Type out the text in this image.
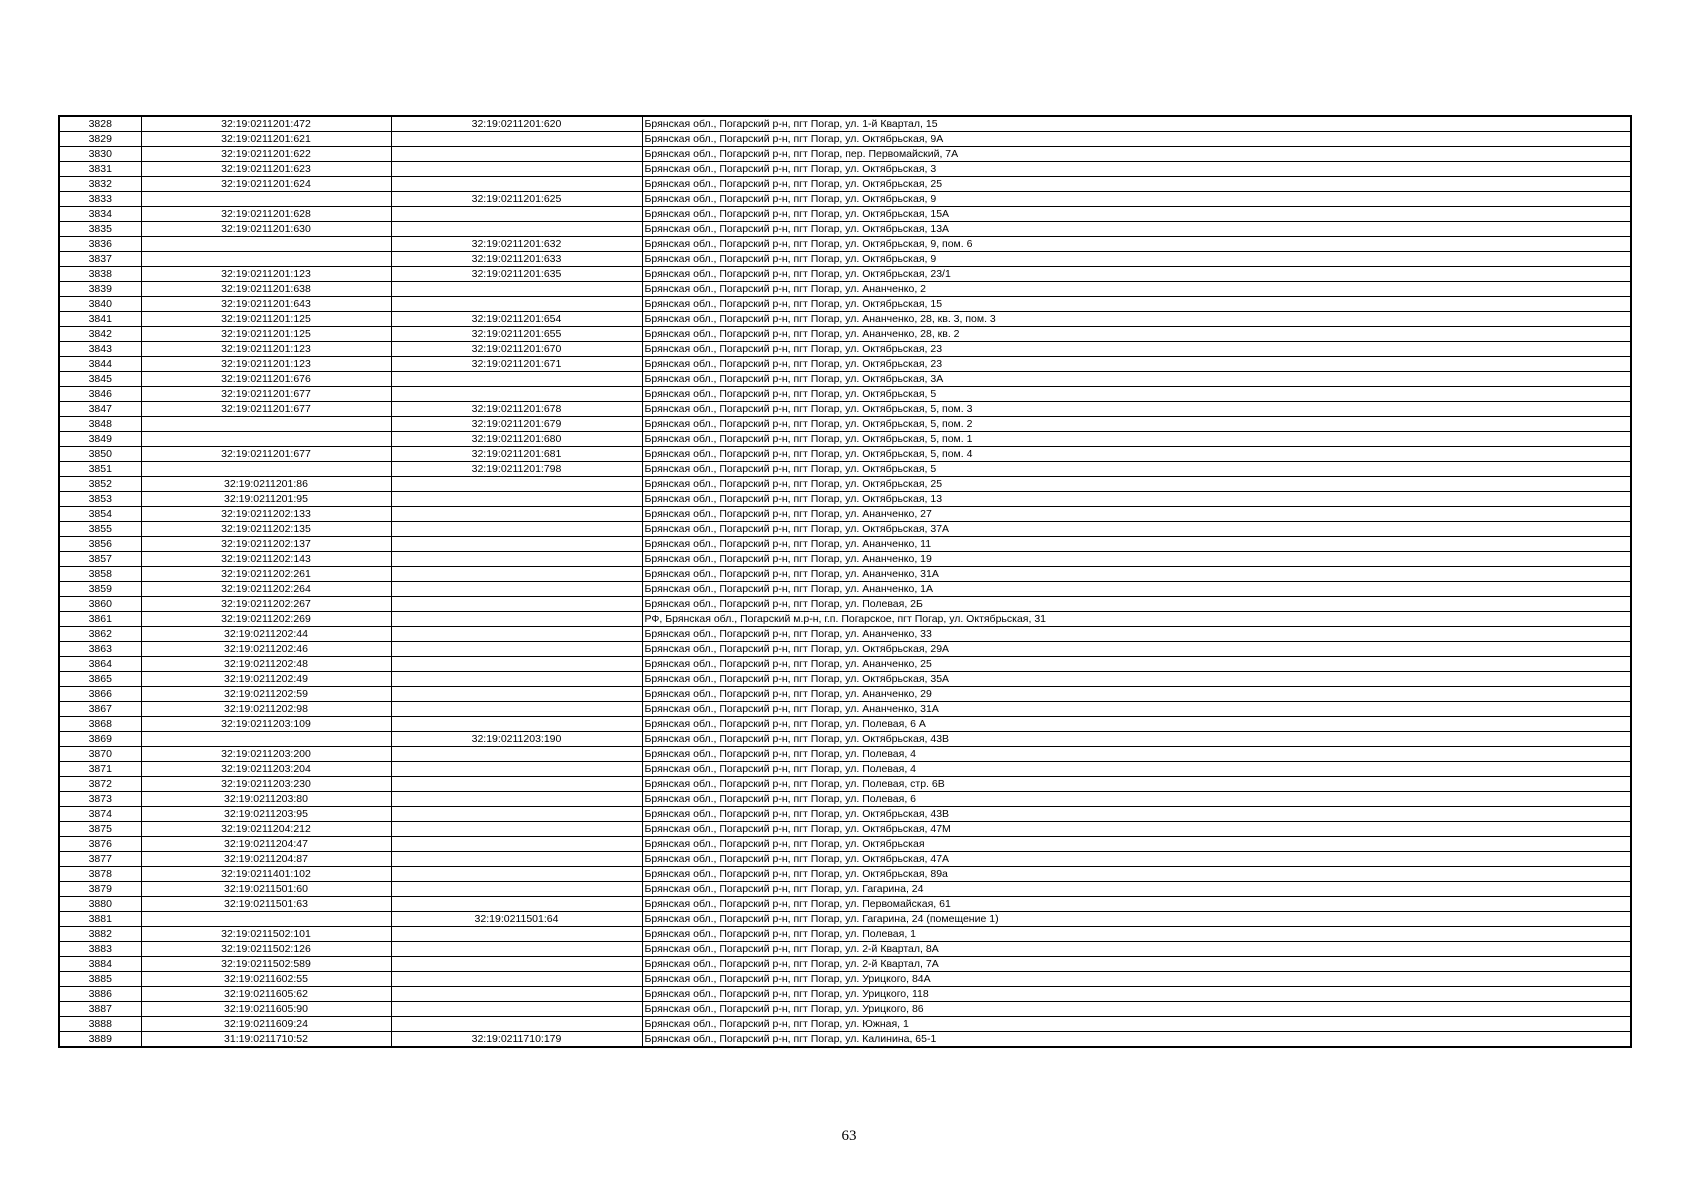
3828	32:19:0211201:472	32:19:0211201:620	Брянская обл., Погарский р-н, пгт Погар, ул. 1-й Квартал, 15
3829	32:19:0211201:621		Брянская обл., Погарский р-н, пгт Погар, ул. Октябрьская, 9А
3830	32:19:0211201:622		Брянская обл., Погарский р-н, пгт Погар, пер. Первомайский, 7А
3831	32:19:0211201:623		Брянская обл., Погарский р-н, пгт Погар, ул. Октябрьская, 3
3832	32:19:0211201:624		Брянская обл., Погарский р-н, пгт Погар, ул. Октябрьская, 25
3833		32:19:0211201:625	Брянская обл., Погарский р-н, пгт Погар, ул. Октябрьская, 9
3834	32:19:0211201:628		Брянская обл., Погарский р-н, пгт Погар, ул. Октябрьская, 15А
3835	32:19:0211201:630		Брянская обл., Погарский р-н, пгт Погар, ул. Октябрьская, 13А
3836		32:19:0211201:632	Брянская обл., Погарский р-н, пгт Погар, ул. Октябрьская, 9, пом. 6
3837		32:19:0211201:633	Брянская обл., Погарский р-н, пгт Погар, ул. Октябрьская, 9
3838	32:19:0211201:123	32:19:0211201:635	Брянская обл., Погарский р-н, пгт Погар, ул. Октябрьская, 23/1
3839	32:19:0211201:638		Брянская обл., Погарский р-н, пгт Погар, ул. Ананченко, 2
3840	32:19:0211201:643		Брянская обл., Погарский р-н, пгт Погар, ул. Октябрьская, 15
3841	32:19:0211201:125	32:19:0211201:654	Брянская обл., Погарский р-н, пгт Погар, ул. Ананченко, 28, кв. 3, пом. 3
3842	32:19:0211201:125	32:19:0211201:655	Брянская обл., Погарский р-н, пгт Погар, ул. Ананченко, 28, кв. 2
3843	32:19:0211201:123	32:19:0211201:670	Брянская обл., Погарский р-н, пгт Погар, ул. Октябрьская, 23
3844	32:19:0211201:123	32:19:0211201:671	Брянская обл., Погарский р-н, пгт Погар, ул. Октябрьская, 23
3845	32:19:0211201:676		Брянская обл., Погарский р-н, пгт Погар, ул. Октябрьская, 3А
3846	32:19:0211201:677		Брянская обл., Погарский р-н, пгт Погар, ул. Октябрьская, 5
3847	32:19:0211201:677	32:19:0211201:678	Брянская обл., Погарский р-н, пгт Погар, ул. Октябрьская, 5, пом. 3
3848		32:19:0211201:679	Брянская обл., Погарский р-н, пгт Погар, ул. Октябрьская, 5, пом. 2
3849		32:19:0211201:680	Брянская обл., Погарский р-н, пгт Погар, ул. Октябрьская, 5, пом. 1
3850	32:19:0211201:677	32:19:0211201:681	Брянская обл., Погарский р-н, пгт Погар, ул. Октябрьская, 5, пом. 4
3851		32:19:0211201:798	Брянская обл., Погарский р-н, пгт Погар, ул. Октябрьская, 5
3852	32:19:0211201:86		Брянская обл., Погарский р-н, пгт Погар, ул. Октябрьская, 25
3853	32:19:0211201:95		Брянская обл., Погарский р-н, пгт Погар, ул. Октябрьская, 13
3854	32:19:0211202:133		Брянская обл., Погарский р-н, пгт Погар, ул. Ананченко, 27
3855	32:19:0211202:135		Брянская обл., Погарский р-н, пгт Погар, ул. Октябрьская, 37А
3856	32:19:0211202:137		Брянская обл., Погарский р-н, пгт Погар, ул. Ананченко, 11
3857	32:19:0211202:143		Брянская обл., Погарский р-н, пгт Погар, ул. Ананченко, 19
3858	32:19:0211202:261		Брянская обл., Погарский р-н, пгт Погар, ул. Ананченко, 31А
3859	32:19:0211202:264		Брянская обл., Погарский р-н, пгт Погар, ул. Ананченко, 1А
3860	32:19:0211202:267		Брянская обл., Погарский р-н, пгт Погар, ул. Полевая, 2Б
3861	32:19:0211202:269		РФ, Брянская обл., Погарский м.р-н, г.п. Погарское, пгт Погар, ул. Октябрьская, 31
3862	32:19:0211202:44		Брянская обл., Погарский р-н, пгт Погар, ул. Ананченко, 33
3863	32:19:0211202:46		Брянская обл., Погарский р-н, пгт Погар, ул. Октябрьская, 29А
3864	32:19:0211202:48		Брянская обл., Погарский р-н, пгт Погар, ул. Ананченко, 25
3865	32:19:0211202:49		Брянская обл., Погарский р-н, пгт Погар, ул. Октябрьская, 35А
3866	32:19:0211202:59		Брянская обл., Погарский р-н, пгт Погар, ул. Ананченко, 29
3867	32:19:0211202:98		Брянская обл., Погарский р-н, пгт Погар, ул. Ананченко, 31А
3868	32:19:0211203:109		Брянская обл., Погарский р-н, пгт Погар, ул. Полевая, 6 А
3869		32:19:0211203:190	Брянская обл., Погарский р-н, пгт Погар, ул. Октябрьская, 43В
3870	32:19:0211203:200		Брянская обл., Погарский р-н, пгт Погар, ул. Полевая, 4
3871	32:19:0211203:204		Брянская обл., Погарский р-н, пгт Погар, ул. Полевая, 4
3872	32:19:0211203:230		Брянская обл., Погарский р-н, пгт Погар, ул. Полевая, стр. 6В
3873	32:19:0211203:80		Брянская обл., Погарский р-н, пгт Погар, ул. Полевая, 6
3874	32:19:0211203:95		Брянская обл., Погарский р-н, пгт Погар, ул. Октябрьская, 43В
3875	32:19:0211204:212		Брянская обл., Погарский р-н, пгт Погар, ул. Октябрьская, 47М
3876	32:19:0211204:47		Брянская обл., Погарский р-н, пгт Погар, ул. Октябрьская
3877	32:19:0211204:87		Брянская обл., Погарский р-н, пгт Погар, ул. Октябрьская, 47А
3878	32:19:0211401:102		Брянская обл., Погарский р-н, пгт Погар, ул. Октябрьская, 89а
3879	32:19:0211501:60		Брянская обл., Погарский р-н, пгт Погар, ул. Гагарина, 24
3880	32:19:0211501:63		Брянская обл., Погарский р-н, пгт Погар, ул. Первомайская, 61
3881		32:19:0211501:64	Брянская обл., Погарский р-н, пгт Погар, ул. Гагарина, 24 (помещение 1)
3882	32:19:0211502:101		Брянская обл., Погарский р-н, пгт Погар, ул. Полевая, 1
3883	32:19:0211502:126		Брянская обл., Погарский р-н, пгт Погар, ул. 2-й Квартал, 8А
3884	32:19:0211502:589		Брянская обл., Погарский р-н, пгт Погар, ул. 2-й Квартал, 7А
3885	32:19:0211602:55		Брянская обл., Погарский р-н, пгт Погар, ул. Урицкого, 84А
3886	32:19:0211605:62		Брянская обл., Погарский р-н, пгт Погар, ул. Урицкого, 118
3887	32:19:0211605:90		Брянская обл., Погарский р-н, пгт Погар, ул. Урицкого, 86
3888	32:19:0211609:24		Брянская обл., Погарский р-н, пгт Погар, ул. Южная, 1
3889	31:19:0211710:52	32:19:0211710:179	Брянская обл., Погарский р-н, пгт Погар, ул. Калинина, 65-1
63
